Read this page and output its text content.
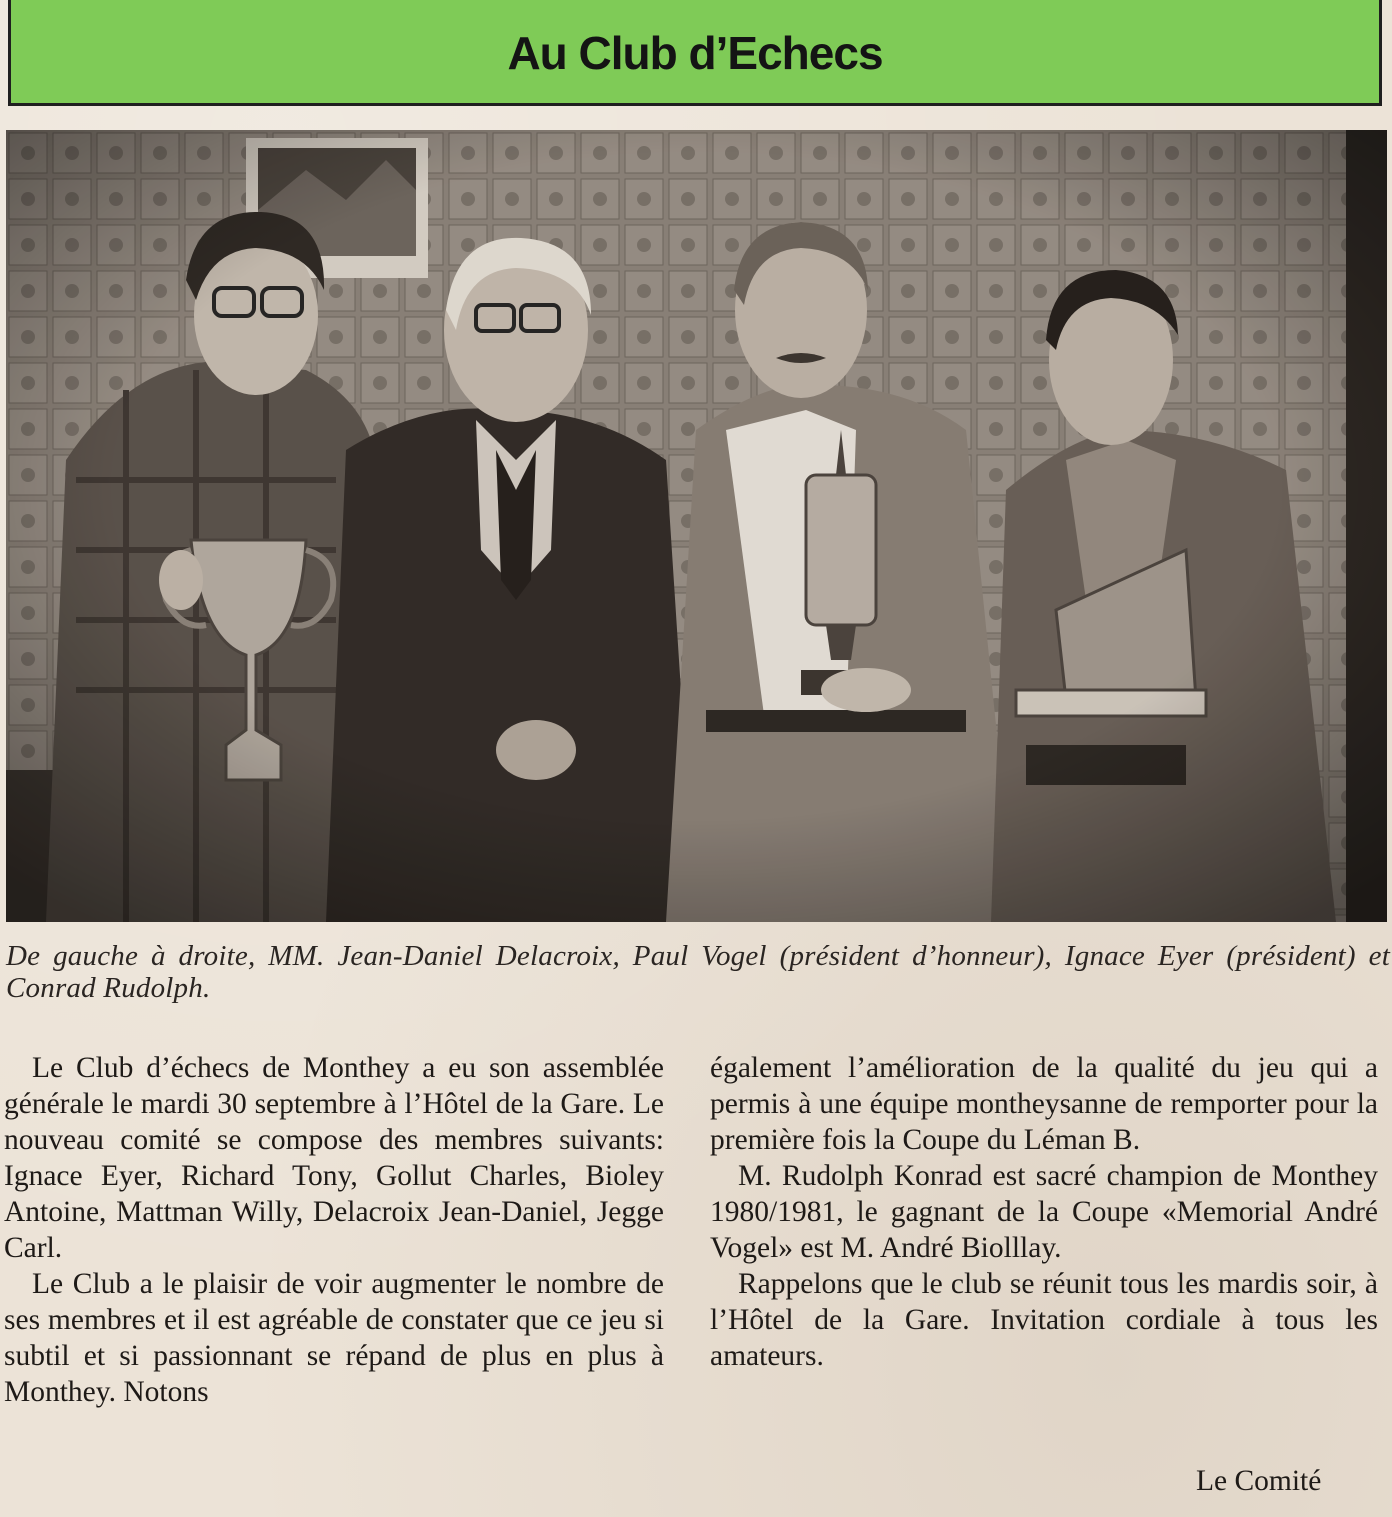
Au Club d’Echecs
De gauche à droite, MM. Jean-Daniel Delacroix, Paul Vogel (président d’honneur), Ignace Eyer (président) et Conrad Rudolph.

Le Club d’échecs de Monthey a eu son assemblée générale le mardi 30 septembre à l’Hôtel de la Gare. Le nouveau comité se compose des membres suivants: Ignace Eyer, Richard Tony, Gollut Charles, Bioley Antoine, Mattman Willy, Delacroix Jean-Daniel, Jegge Carl.

Le Club a le plaisir de voir augmenter le nombre de ses membres et il est agréable de constater que ce jeu si subtil et si passionnant se répand de plus en plus à Monthey. Notons

également l’amélioration de la qualité du jeu qui a permis à une équipe montheysanne de remporter pour la première fois la Coupe du Léman B.

M. Rudolph Konrad est sacré champion de Monthey 1980/1981, le gagnant de la Coupe «Memorial André Vogel» est M. André Biolllay.

Rappelons que le club se réunit tous les mardis soir, à l’Hôtel de la Gare. Invitation cordiale à tous les amateurs.

Le Comité
